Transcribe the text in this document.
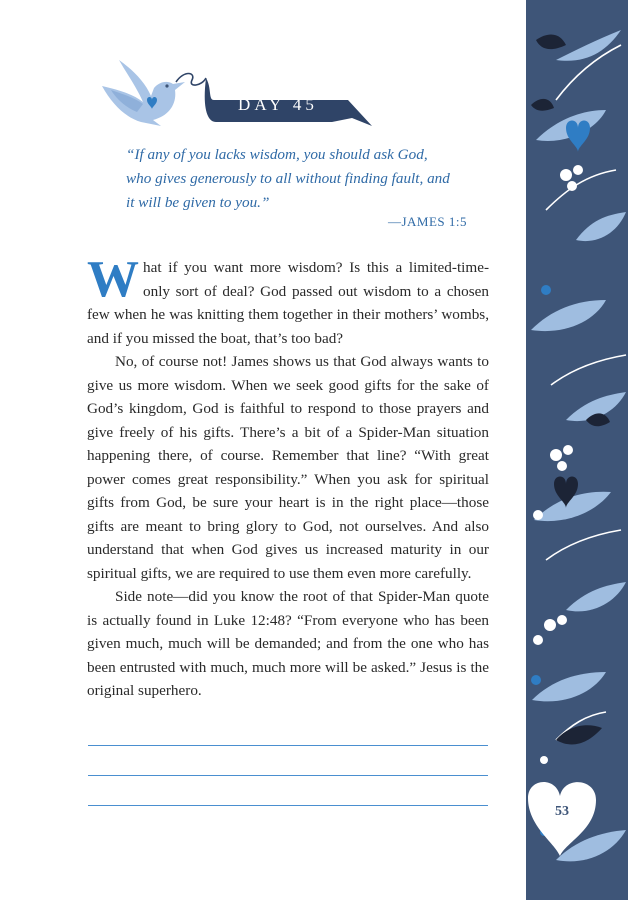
DAY 45
“If any of you lacks wisdom, you should ask God,
who gives generously to all without finding fault, and
it will be given to you.”
—JAMES 1:5

What if you want more wisdom? Is this a limited-time-only sort of deal? God passed out wisdom to a chosen few when he was knitting them together in their mothers’ wombs, and if you missed the boat, that’s too bad?

No, of course not! James shows us that God always wants to give us more wisdom. When we seek good gifts for the sake of God’s kingdom, God is faithful to respond to those prayers and give freely of his gifts. There’s a bit of a Spider-Man situation happening there, of course. Remember that line? “With great power comes great responsibility.” When you ask for spiritual gifts from God, be sure your heart is in the right place—those gifts are meant to bring glory to God, not ourselves. And also understand that when God gives us increased maturity in our spiritual gifts, we are required to use them even more carefully.

Side note—did you know the root of that Spider-Man quote is actually found in Luke 12:48? “From everyone who has been given much, much will be demanded; and from the one who has been entrusted with much, much more will be asked.” Jesus is the original superhero.

53
